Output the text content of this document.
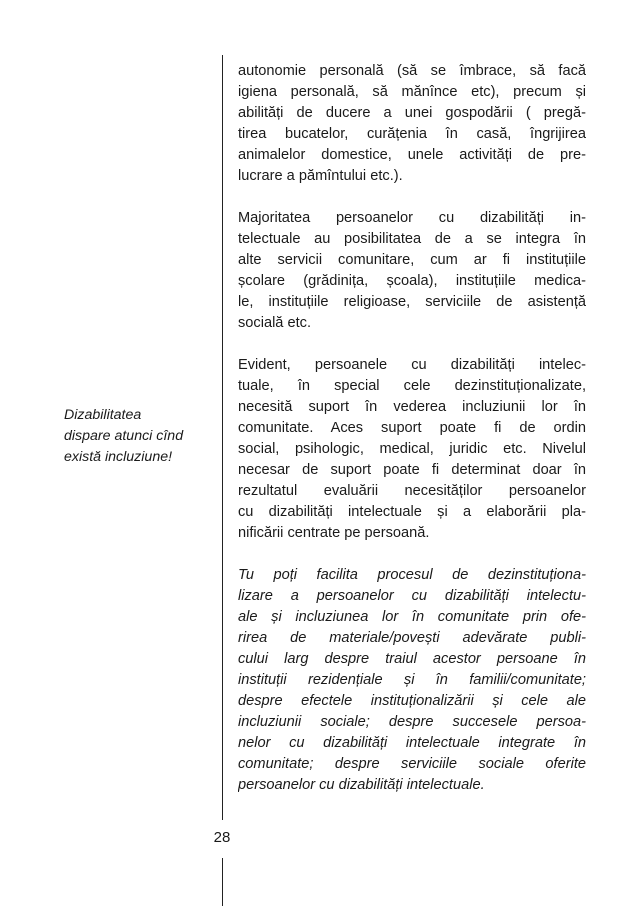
Dizabilitatea
dispare atunci cînd
există incluziune!
autonomie personală (să se îmbrace, să facă
igiena personală, să mănînce etc), precum și
abilități de ducere a unei gospodării ( pregă-
tirea bucatelor, curățenia în casă, îngrijirea
animalelor domestice, unele activități de pre-
lucrare a pămîntului etc.).
Majoritatea persoanelor cu dizabilități in-
telectuale au posibilitatea de a se integra în
alte servicii comunitare, cum ar fi instituțiile
școlare (grădinița, școala), instituțiile medica-
le, instituțiile religioase, serviciile de asistență
socială etc.
Evident, persoanele cu dizabilități intelec-
tuale, în special cele dezinstituționalizate,
necesită suport în vederea incluziunii lor în
comunitate. Aces suport poate fi de ordin
social, psihologic, medical, juridic etc. Nivelul
necesar de suport poate fi determinat doar în
rezultatul evaluării necesităților persoanelor
cu dizabilități intelectuale și a elaborării pla-
nificării centrate pe persoană.
Tu poți facilita procesul de dezinstituționa-
lizare a persoanelor cu dizabilități intelectu-
ale și incluziunea lor în comunitate prin ofe-
rirea de materiale/povești adevărate publi-
cului larg despre traiul acestor persoane în
instituții rezidențiale și în familii/comunitate;
despre efectele instituționalizării și cele ale
incluziunii sociale; despre succesele persoa-
nelor cu dizabilități intelectuale integrate în
comunitate; despre serviciile sociale oferite
persoanelor cu dizabilități intelectuale.
28
